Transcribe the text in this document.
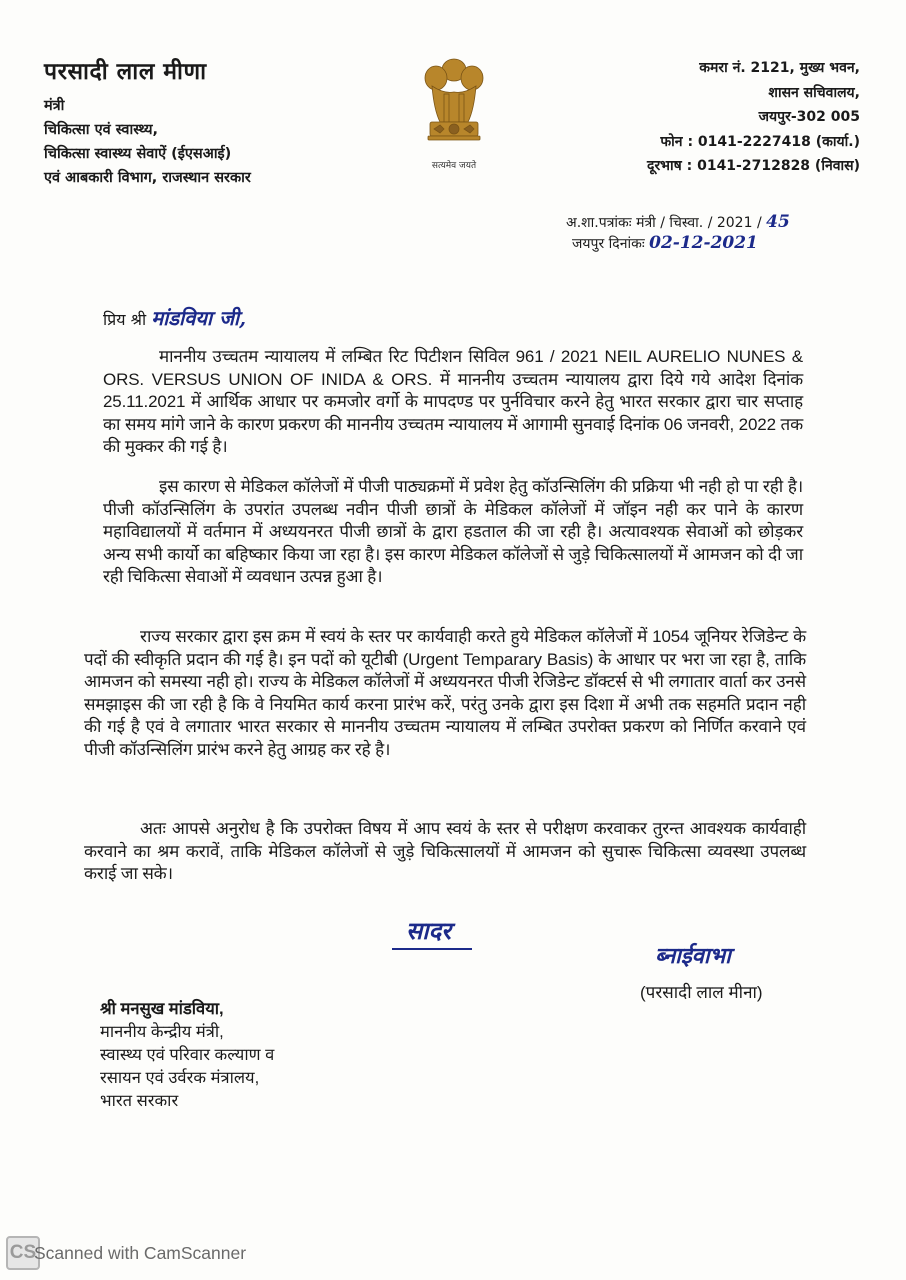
परसादी लाल मीणा
मंत्री
चिकित्सा एवं स्वास्थ्य,
चिकित्सा स्वास्थ्य सेवाऐं (ईएसआई)
एवं आबकारी विभाग, राजस्थान सरकार
सत्यमेव जयते
कमरा नं. 2121, मुख्य भवन,
शासन सचिवालय,
जयपुर-302 005
फोन : 0141-2227418 (कार्या.)
दूरभाष : 0141-2712828 (निवास)
अ.शा.पत्रांकः मंत्री / चिस्वा. / 2021 / 45
जयपुर दिनांकः 02-12-2021
प्रिय श्री मांडविया जी,

माननीय उच्चतम न्यायालय में लम्बित रिट पिटीशन सिविल 961 / 2021 NEIL AURELIO NUNES & ORS. VERSUS UNION OF INIDA & ORS. में माननीय उच्चतम न्यायालय द्वारा दिये गये आदेश दिनांक 25.11.2021 में आर्थिक आधार पर कमजोर वर्गो के मापदण्ड पर पुर्नविचार करने हेतु भारत सरकार द्वारा चार सप्ताह का समय मांगे जाने के कारण प्रकरण की माननीय उच्चतम न्यायालय में आगामी सुनवाई दिनांक 06 जनवरी, 2022 तक की मुक्कर की गई है।

इस कारण से मेडिकल कॉलेजों में पीजी पाठ्यक्रमों में प्रवेश हेतु कॉउन्सिलिंग की प्रक्रिया भी नही हो पा रही है। पीजी कॉउन्सिलिंग के उपरांत उपलब्ध नवीन पीजी छात्रों के मेडिकल कॉलेजों में जॉइन नही कर पाने के कारण महाविद्यालयों में वर्तमान में अध्ययनरत पीजी छात्रों के द्वारा हडताल की जा रही है। अत्यावश्यक सेवाओं को छोड़कर अन्य सभी कार्यो का बहिष्कार किया जा रहा है। इस कारण मेडिकल कॉलेजों से जुड़े चिकित्सालयों में आमजन को दी जा रही चिकित्सा सेवाओं में व्यवधान उत्पन्न हुआ है।

राज्य सरकार द्वारा इस क्रम में स्वयं के स्तर पर कार्यवाही करते हुये मेडिकल कॉलेजों में 1054 जूनियर रेजिडेन्ट के पदों की स्वीकृति प्रदान की गई है। इन पदों को यूटीबी (Urgent Temparary Basis) के आधार पर भरा जा रहा है, ताकि आमजन को समस्या नही हो। राज्य के मेडिकल कॉलेजों में अध्ययनरत पीजी रेजिडेन्ट डॉक्टर्स से भी लगातार वार्ता कर उनसे समझाइस की जा रही है कि वे नियमित कार्य करना प्रारंभ करें, परंतु उनके द्वारा इस दिशा में अभी तक सहमति प्रदान नही की गई है एवं वे लगातार भारत सरकार से माननीय उच्चतम न्यायालय में लम्बित उपरोक्त प्रकरण को निर्णित करवाने एवं पीजी कॉउन्सिलिंग प्रारंभ करने हेतु आग्रह कर रहे है।

अतः आपसे अनुरोध है कि उपरोक्त विषय में आप स्वयं के स्तर से परीक्षण करवाकर तुरन्त आवश्यक कार्यवाही करवाने का श्रम करावें, ताकि मेडिकल कॉलेजों से जुड़े चिकित्सालयों में आमजन को सुचारू चिकित्सा व्यवस्था उपलब्ध कराई जा सके।

सादर
ब्नाईवाभा
(परसादी लाल मीना)
श्री मनसुख मांडविया,
माननीय केन्द्रीय मंत्री,
स्वास्थ्य एवं परिवार कल्याण व
रसायन एवं उर्वरक मंत्रालय,
भारत सरकार
CS
Scanned with CamScanner
